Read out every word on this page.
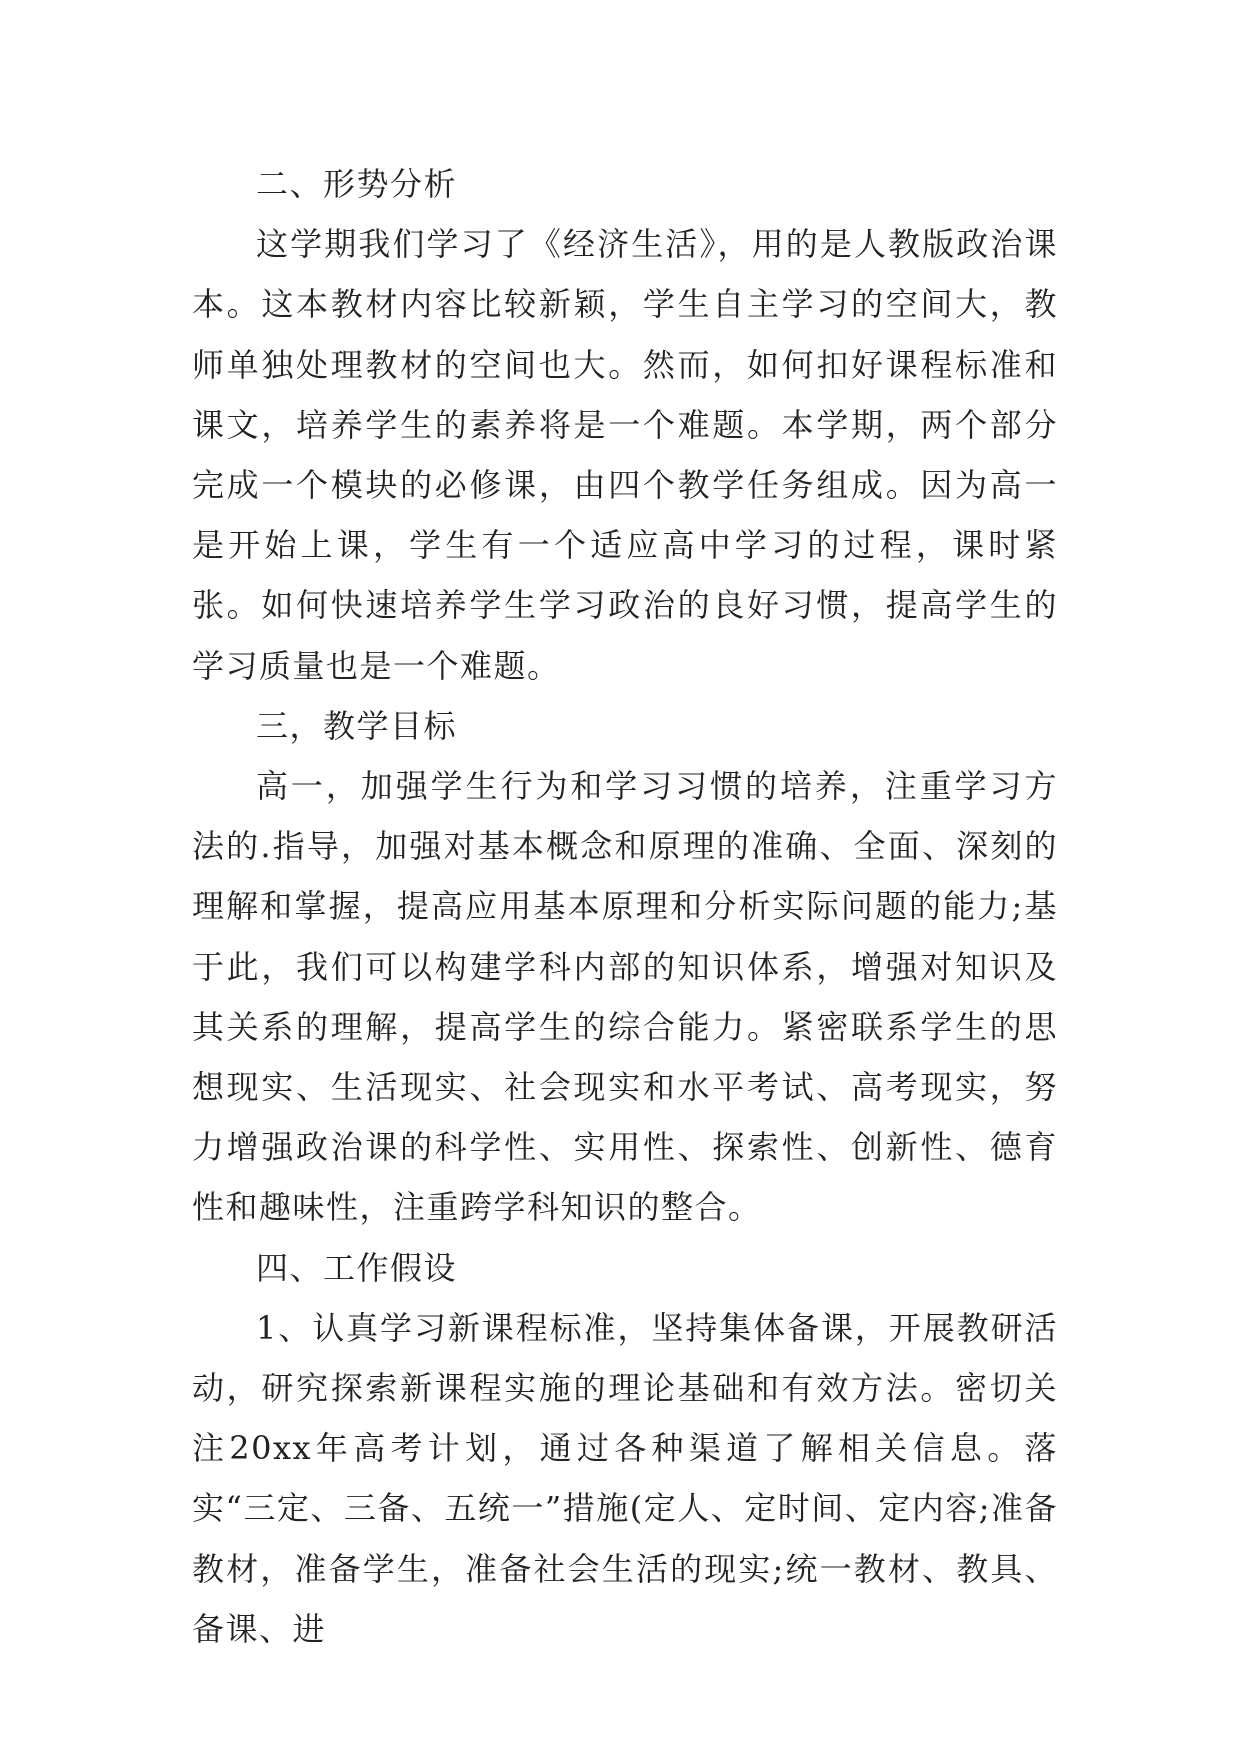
二、形势分析

这学期我们学习了《经济生活》，用的是人教版政治课本。这本教材内容比较新颖，学生自主学习的空间大，教师单独处理教材的空间也大。然而，如何扣好课程标准和课文，培养学生的素养将是一个难题。本学期，两个部分完成一个模块的必修课，由四个教学任务组成。因为高一是开始上课，学生有一个适应高中学习的过程，课时紧张。如何快速培养学生学习政治的良好习惯，提高学生的学习质量也是一个难题。

三，教学目标

高一，加强学生行为和学习习惯的培养，注重学习方法的.指导，加强对基本概念和原理的准确、全面、深刻的理解和掌握，提高应用基本原理和分析实际问题的能力;基于此，我们可以构建学科内部的知识体系，增强对知识及其关系的理解，提高学生的综合能力。紧密联系学生的思想现实、生活现实、社会现实和水平考试、高考现实，努力增强政治课的科学性、实用性、探索性、创新性、德育性和趣味性，注重跨学科知识的整合。

四、工作假设

1、认真学习新课程标准，坚持集体备课，开展教研活动，研究探索新课程实施的理论基础和有效方法。密切关注20xx年高考计划，通过各种渠道了解相关信息。落实“三定、三备、五统一”措施(定人、定时间、定内容;准备教材，准备学生，准备社会生活的现实;统一教材、教具、备课、进
